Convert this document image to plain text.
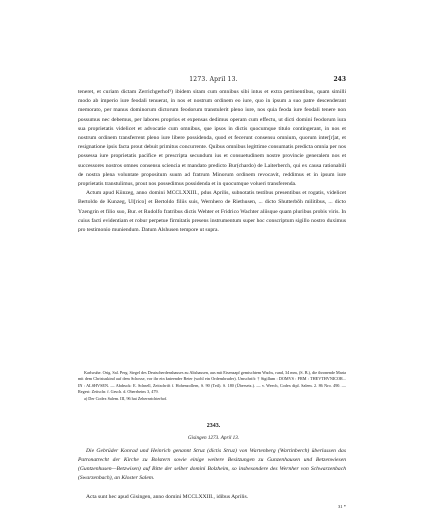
1273. April 13.	243

teneret, et curiam dictam Zerrichgerhof¹) ibidem sitam cum omnibus sibi intus et extra pertinentibus, quam similli modo ab imperio iure feodali tenuerat, in nos et nostrum ordinem eo iure, quo in ipsum a suo patre descenderant memorato, per manus dominorum dictorum feodorum transtulerit pleno iure, nos quia feoda iure feodali tenere non possumus nec debemus, per labores proprios et expensas dedimus operam cum effectu, ut dicti domini feodorum iura sua proprietatis videlicet et advocatie cum omnibus, que ipsos in dictis quocumque titulo contingerant, in nos et nostrum ordinem transferrent pleno iure libere possidenda, quod et fecerunt consensu omnium, quorum inter[r]at, et resignatione ipsis facta prout debuit primitus concurrente. Quibus omnibus legittime consumatis predicta omnia per nos possessa iure proprietatis pacifice et prescripta secundum ius et consuetudinem nostre provincie generalem nos et successores nostros omnes consensu sciencia et mandato predicto Bur(chardo) de Laiterberch, qui ex causa rationabili de nostra plena voluntate propositum suum ad fratrum Minorum ordinem revocavit, reddimus et in ipsum iure proprietatis transtulimus, prout nos possedimus possidenda et in quocumque volueri transferenda.

Actum apud Künzeg, anno domini MCCLXXIII., pdus Aprilis, subnotatis testibus presentibus et rogatis, videlicet Bertoldo de Kunzeg, Ul[rico] et Bertoldo filiis suis, Wernhero de Riethusen, ... dicto Shutterbǒh militibus, ... dicto Yzengrin et filio suo, Bur. et Rudolfo fratribus dictis Wehter et Fridrico Wachter aliisque quam pluribus probis viris. In cuius facti evidentiam et robur perpetue firmitatis presens instrumentum super hoc conscriptum sigillo nostro duximus pro testimonio muniendum. Datum Alshusen tempore ut supra.

Karlsruhe. Orig. Sal. Perg. Siegel des Deutscherdenshauses zu Altshausen, aus mit Eisenzapf gemischtem Wachs, rund, 34 mm, (S. B.), die thronende Maria mit dem Christuskind auf dem Schosse, vor ihr ein knieender Beter (wohl ein Ordensbruder). Umschrift: † Sigillum : DOMVS : FRM : THEVTHVNICOR... IN : ALSHVSEN. — Abdruck: E. Schnell, Zeitschrift f. Hohenzollern, S. 90 (Teil). S. 180 (Übersetz.). — v. Weech, Codex dipl. Salem. 2. 86 Nro. 490. — Regest: Zeitschr. f. Gesch. d. Oberrheins 3, 479.

a) Der Codex Salem. III, 96 hat Zehernrichterhof.

2343.
Gisingen 1273. April 13.

Die Gebrüder Konrad und Heinrich genannt Struz (dictis Struz) von Wartenberg (Wartinberch) überlassen das Patronatrecht der Kirche zu Bolstern sowie einige weitere Besitzungen zu Gunzenhausen und Betzenwiesen (Guntzenhusen—Betzwisen) auf Bitte der selber domini Bolzheim, so insbesondere des Wernher von Schwarzenbach (Swarzenbach), an Kloster Salem.

Acta sunt hec apud Gisingen, anno domini MCCLXXIII., idibus Aprilis.

31 *
